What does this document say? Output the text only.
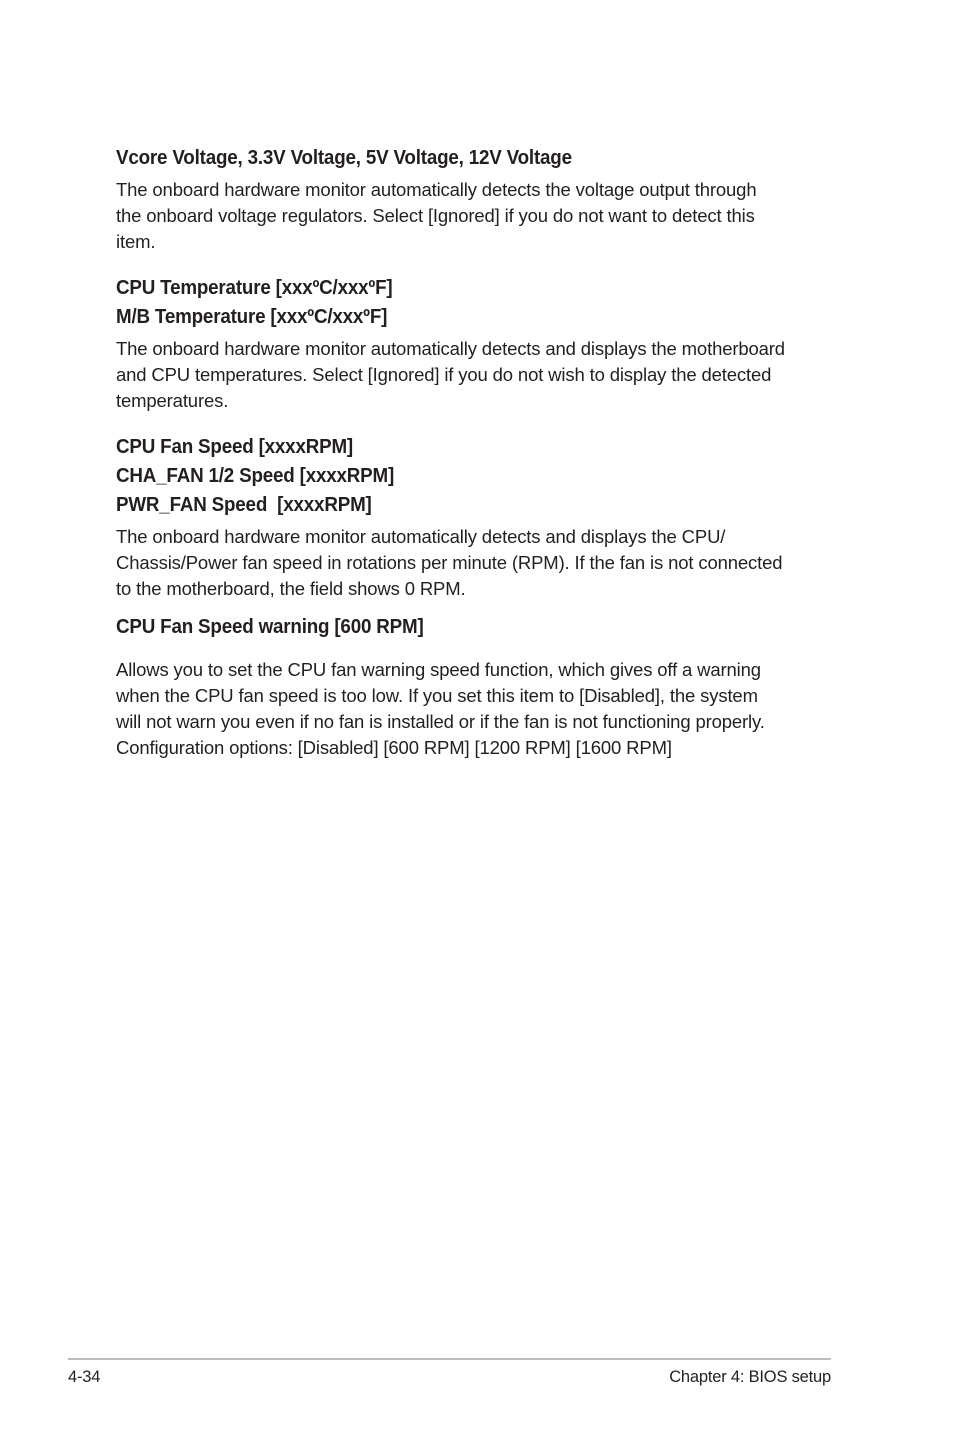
Vcore Voltage, 3.3V Voltage, 5V Voltage, 12V Voltage

The onboard hardware monitor automatically detects the voltage output through
the onboard voltage regulators. Select [Ignored] if you do not want to detect this
item.

CPU Temperature [xxxºC/xxxºF]
M/B Temperature [xxxºC/xxxºF]

The onboard hardware monitor automatically detects and displays the motherboard
and CPU temperatures. Select [Ignored] if you do not wish to display the detected
temperatures.

CPU Fan Speed [xxxxRPM]
CHA_FAN 1/2 Speed [xxxxRPM]
PWR_FAN Speed  [xxxxRPM]

The onboard hardware monitor automatically detects and displays the CPU/
Chassis/Power fan speed in rotations per minute (RPM). If the fan is not connected
to the motherboard, the field shows 0 RPM.

CPU Fan Speed warning [600 RPM]

Allows you to set the CPU fan warning speed function, which gives off a warning
when the CPU fan speed is too low. If you set this item to [Disabled], the system
will not warn you even if no fan is installed or if the fan is not functioning properly.
Configuration options: [Disabled] [600 RPM] [1200 RPM] [1600 RPM]

4-34	Chapter 4: BIOS setup
